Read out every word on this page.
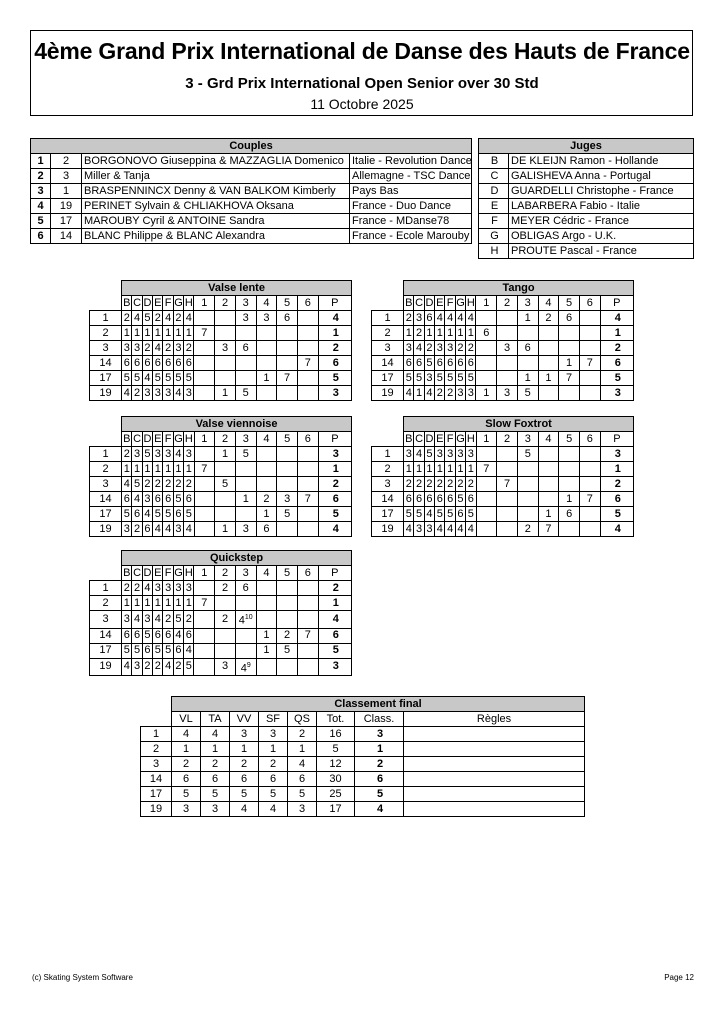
4ème Grand Prix International de Danse des Hauts de France
3 - Grd Prix International Open Senior over 30 Std
11 Octobre 2025
Couples			
1	2	BORGONOVO Giuseppina & MAZZAGLIA Domenico	Italie - Revolution Dance
2	3	Miller & Tanja	Allemagne - TSC Dance
3	1	BRASPENNINCX Denny & VAN BALKOM Kimberly	Pays Bas
4	19	PERINET Sylvain & CHLIAKHOVA Oksana	France - Duo Dance
5	17	MAROUBY Cyril & ANTOINE Sandra	France - MDanse78
6	14	BLANC Philippe & BLANC Alexandra	France - Ecole Marouby
Juges	
B	DE KLEIJN Ramon - Hollande
C	GALISHEVA Anna - Portugal
D	GUARDELLI Christophe - France
E	LABARBERA Fabio - Italie
F	MEYER Cédric - France
G	OBLIGAS Argo - U.K.
H	PROUTE Pascal - France
	Valse lente													
	B	C	D	E	F	G	H	1	2	3	4	5	6	P
1	2	4	5	2	4	2	4			3	3	6		4
2	1	1	1	1	1	1	1	7						1
3	3	3	2	4	2	3	2		3	6				2
14	6	6	6	6	6	6	6						7	6
17	5	5	4	5	5	5	5				1	7		5
19	4	2	3	3	3	4	3		1	5				3
	Tango													
	B	C	D	E	F	G	H	1	2	3	4	5	6	P
1	2	3	6	4	4	4	4			1	2	6		4
2	1	2	1	1	1	1	1	6						1
3	3	4	2	3	3	2	2		3	6				2
14	6	6	5	6	6	6	6					1	7	6
17	5	5	3	5	5	5	5			1	1	7		5
19	4	1	4	2	2	3	3	1	3	5				3
	Valse viennoise													
	B	C	D	E	F	G	H	1	2	3	4	5	6	P
1	2	3	5	3	3	4	3		1	5				3
2	1	1	1	1	1	1	1	7						1
3	4	5	2	2	2	2	2		5					2
14	6	4	3	6	6	5	6			1	2	3	7	6
17	5	6	4	5	5	6	5				1	5		5
19	3	2	6	4	4	3	4		1	3	6			4
	Slow Foxtrot													
	B	C	D	E	F	G	H	1	2	3	4	5	6	P
1	3	4	5	3	3	3	3			5				3
2	1	1	1	1	1	1	1	7						1
3	2	2	2	2	2	2	2		7					2
14	6	6	6	6	6	5	6					1	7	6
17	5	5	4	5	5	6	5				1	6		5
19	4	3	3	4	4	4	4			2	7			4
	Quickstep													
	B	C	D	E	F	G	H	1	2	3	4	5	6	P
1	2	2	4	3	3	3	3		2	6				2
2	1	1	1	1	1	1	1	7						1
3	3	4	3	4	2	5	2		2	$4^{10}$				4
14	6	6	5	6	6	4	6				1	2	7	6
17	5	5	6	5	5	6	4				1	5		5
19	4	3	2	2	4	2	5		3	$4^9$				3
	Classement final							
	VL	TA	VV	SF	QS	Tot.	Class.	Règles
1	4	4	3	3	2	16	3	
2	1	1	1	1	1	5	1	
3	2	2	2	2	4	12	2	
14	6	6	6	6	6	30	6	
17	5	5	5	5	5	25	5	
19	3	3	4	4	3	17	4	
(c) Skating System Software	Page 12
